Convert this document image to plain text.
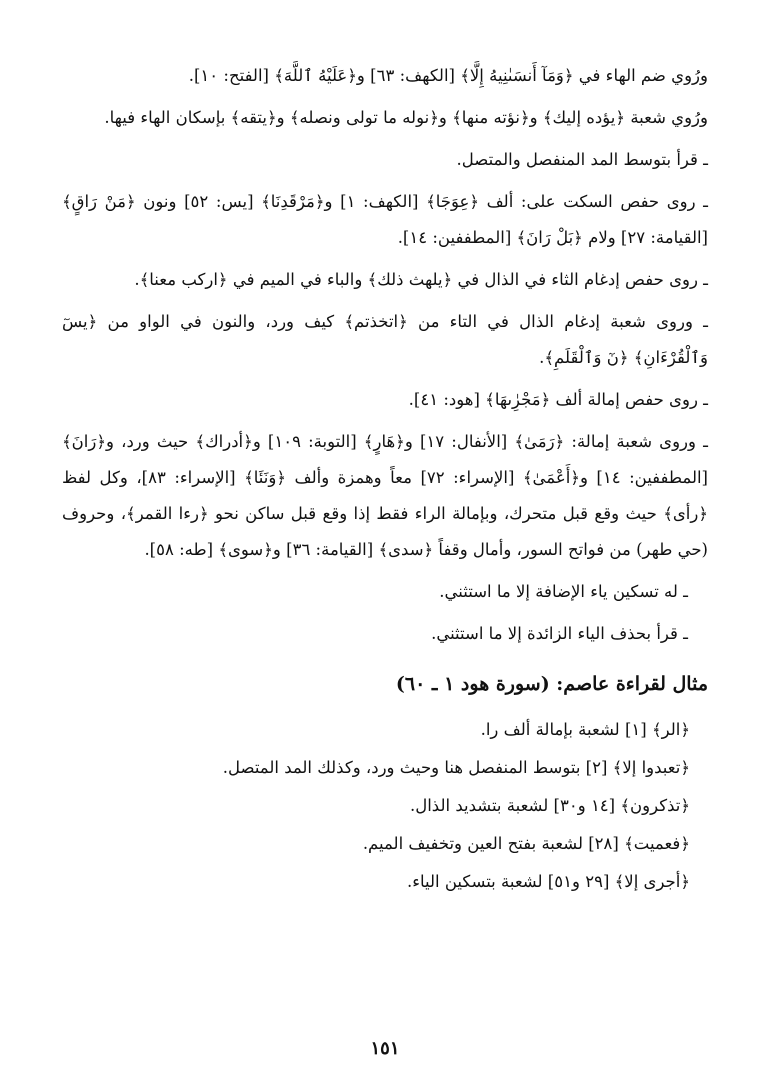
ورُوي ضم الهاء في ﴿وَمَآ أَنسَىٰنِيهُ إِلَّا﴾ [الكهف: ٦٣] و﴿عَلَيْهُ ٱللَّهَ﴾ [الفتح: ١٠].

ورُوي شعبة ﴿يؤده إليك﴾ و﴿نؤته منها﴾ و﴿نوله ما تولى ونصله﴾ و﴿يتقه﴾ بإسكان الهاء فيها.

ـ قرأ بتوسط المد المنفصل والمتصل.

ـ روى حفص السكت على: ألف ﴿عِوَجَا﴾ [الكهف: ١] و﴿مَرْقَدِنَا﴾ [يس: ٥٢] ونون ﴿مَنْ رَاقٍ﴾ [القيامة: ٢٧] ولام ﴿بَلْ رَانَ﴾ [المطففين: ١٤].

ـ روى حفص إدغام الثاء في الذال في ﴿يلهث ذلك﴾ والباء في الميم في ﴿اركب معنا﴾.

ـ وروى شعبة إدغام الذال في التاء من ﴿اتخذتم﴾ كيف ورد، والنون في الواو من ﴿يسٓ وَٱلْقُرْءَانِ﴾ ﴿نٓ وَٱلْقَلَمِ﴾.

ـ روى حفص إمالة ألف ﴿مَجْرِٰىهَا﴾ [هود: ٤١].

ـ وروى شعبة إمالة: ﴿رَمَىٰ﴾ [الأنفال: ١٧] و﴿هَارٍ﴾ [التوبة: ١٠٩] و﴿أدراك﴾ حيث ورد، و﴿رَانَ﴾ [المطففين: ١٤] و﴿أَعْمَىٰ﴾ [الإسراء: ٧٢] معاً وهمزة وألف ﴿وَنَئَا﴾ [الإسراء: ٨٣]، وكل لفظ ﴿رأى﴾ حيث وقع قبل متحرك، وبإمالة الراء فقط إذا وقع قبل ساكن نحو ﴿رءا القمر﴾، وحروف (حي طهر) من فواتح السور، وأمال وقفاً ﴿سدى﴾ [القيامة: ٣٦] و﴿سوى﴾ [طه: ٥٨].

ـ له تسكين ياء الإضافة إلا ما استثني.

ـ قرأ بحذف الياء الزائدة إلا ما استثني.

مثال لقراءة عاصم: (سورة هود ١ ـ ٦٠)
﴿الر﴾ [١] لشعبة بإمالة ألف را.
﴿تعبدوا إلا﴾ [٢] بتوسط المنفصل هنا وحيث ورد، وكذلك المد المتصل.
﴿تذكرون﴾ [١٤ و٣٠] لشعبة بتشديد الذال.
﴿فعميت﴾ [٢٨] لشعبة بفتح العين وتخفيف الميم.
﴿أجرى إلا﴾ [٢٩ و٥١] لشعبة بتسكين الياء.
١٥١
